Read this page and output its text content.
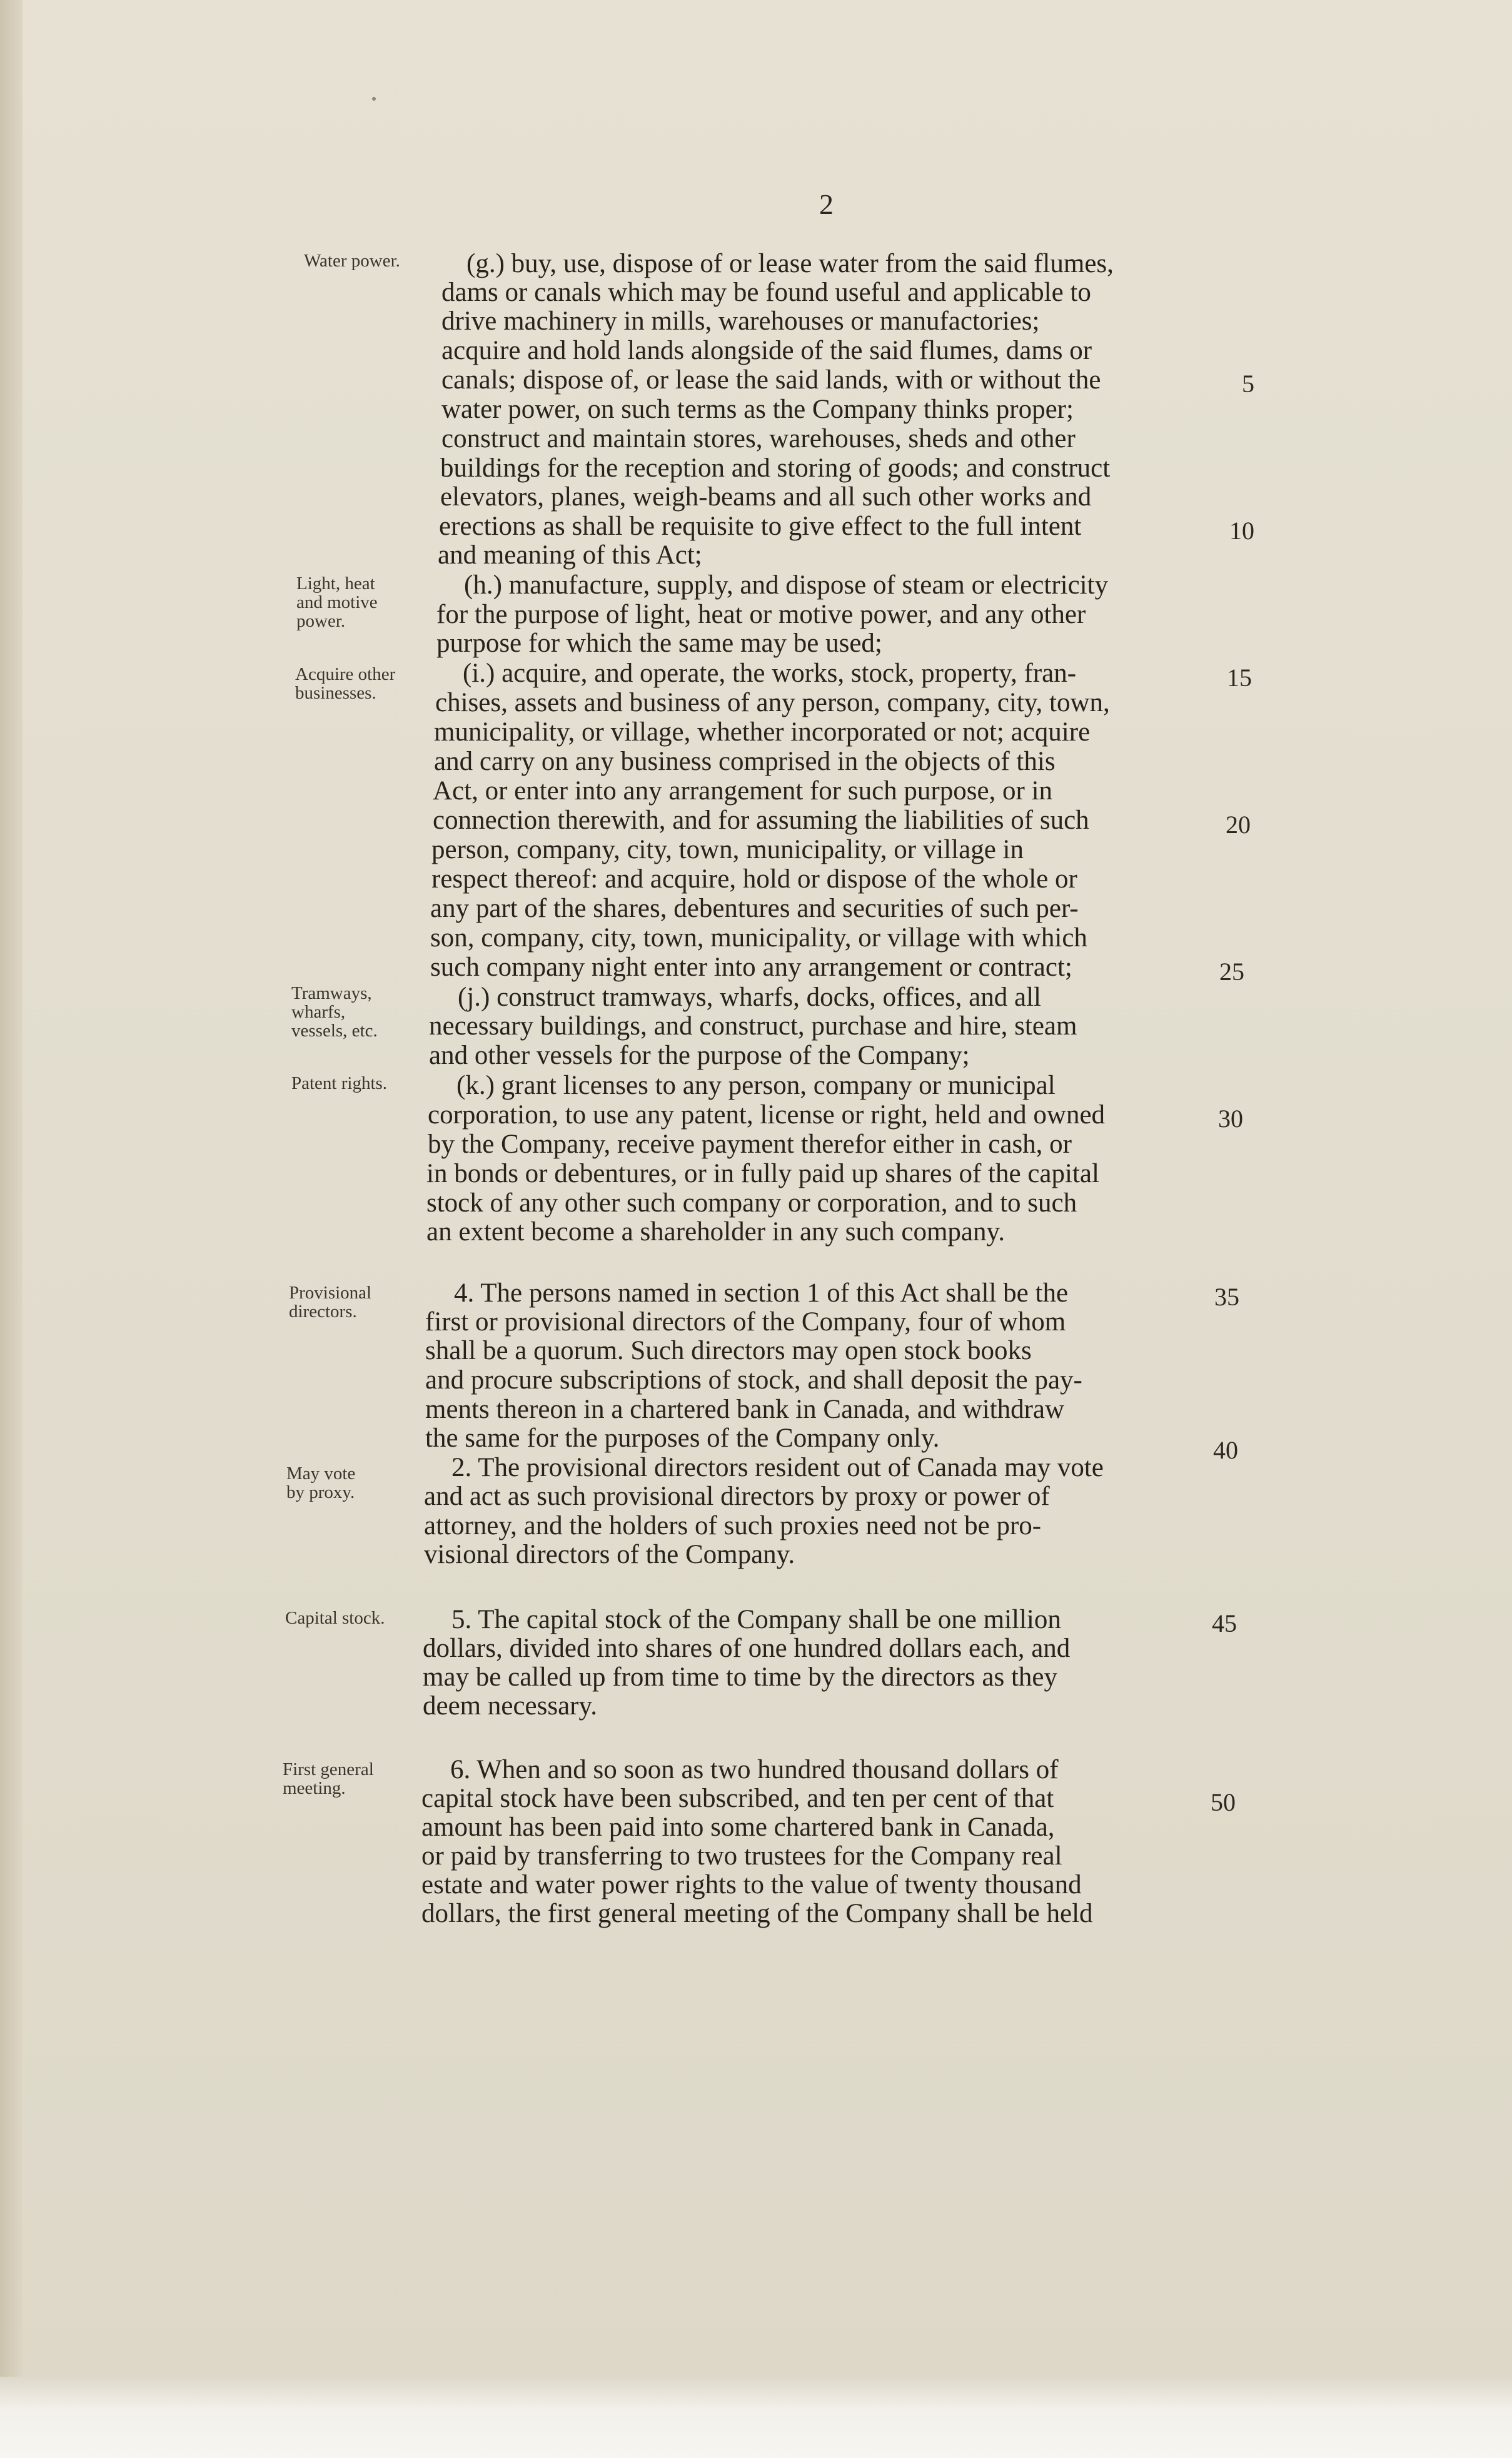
2
Water power.
Light, heat
and motive
power.
Acquire other
businesses.
Tramways,
wharfs,
vessels, etc.
Patent rights.
Provisional
directors.
May vote
by proxy.
Capital stock.
First general
meeting.
(g.) buy, use, dispose of or lease water from the said flumes,
dams or canals which may be found useful and applicable to
drive machinery in mills, warehouses or manufactories;
acquire and hold lands alongside of the said flumes, dams or
canals; dispose of, or lease the said lands, with or without the
water power, on such terms as the Company thinks proper;
construct and maintain stores, warehouses, sheds and other
buildings for the reception and storing of goods; and construct
elevators, planes, weigh-beams and all such other works and
erections as shall be requisite to give effect to the full intent
and meaning of this Act;
(h.) manufacture, supply, and dispose of steam or electricity
for the purpose of light, heat or motive power, and any other
purpose for which the same may be used;
(i.) acquire, and operate, the works, stock, property, fran-
chises, assets and business of any person, company, city, town,
municipality, or village, whether incorporated or not; acquire
and carry on any business comprised in the objects of this
Act, or enter into any arrangement for such purpose, or in
connection therewith, and for assuming the liabilities of such
person, company, city, town, municipality, or village in
respect thereof: and acquire, hold or dispose of the whole or
any part of the shares, debentures and securities of such per-
son, company, city, town, municipality, or village with which
such company night enter into any arrangement or contract;
(j.) construct tramways, wharfs, docks, offices, and all
necessary buildings, and construct, purchase and hire, steam
and other vessels for the purpose of the Company;
(k.) grant licenses to any person, company or municipal
corporation, to use any patent, license or right, held and owned
by the Company, receive payment therefor either in cash, or
in bonds or debentures, or in fully paid up shares of the capital
stock of any other such company or corporation, and to such
an extent become a shareholder in any such company.
4. The persons named in section 1 of this Act shall be the
first or provisional directors of the Company, four of whom
shall be a quorum. Such directors may open stock books
and procure subscriptions of stock, and shall deposit the pay-
ments thereon in a chartered bank in Canada, and withdraw
the same for the purposes of the Company only.
2. The provisional directors resident out of Canada may vote
and act as such provisional directors by proxy or power of
attorney, and the holders of such proxies need not be pro-
visional directors of the Company.
5. The capital stock of the Company shall be one million
dollars, divided into shares of one hundred dollars each, and
may be called up from time to time by the directors as they
deem necessary.
6. When and so soon as two hundred thousand dollars of
capital stock have been subscribed, and ten per cent of that
amount has been paid into some chartered bank in Canada,
or paid by transferring to two trustees for the Company real
estate and water power rights to the value of twenty thousand
dollars, the first general meeting of the Company shall be held
5
10
15
20
25
30
35
40
45
50
